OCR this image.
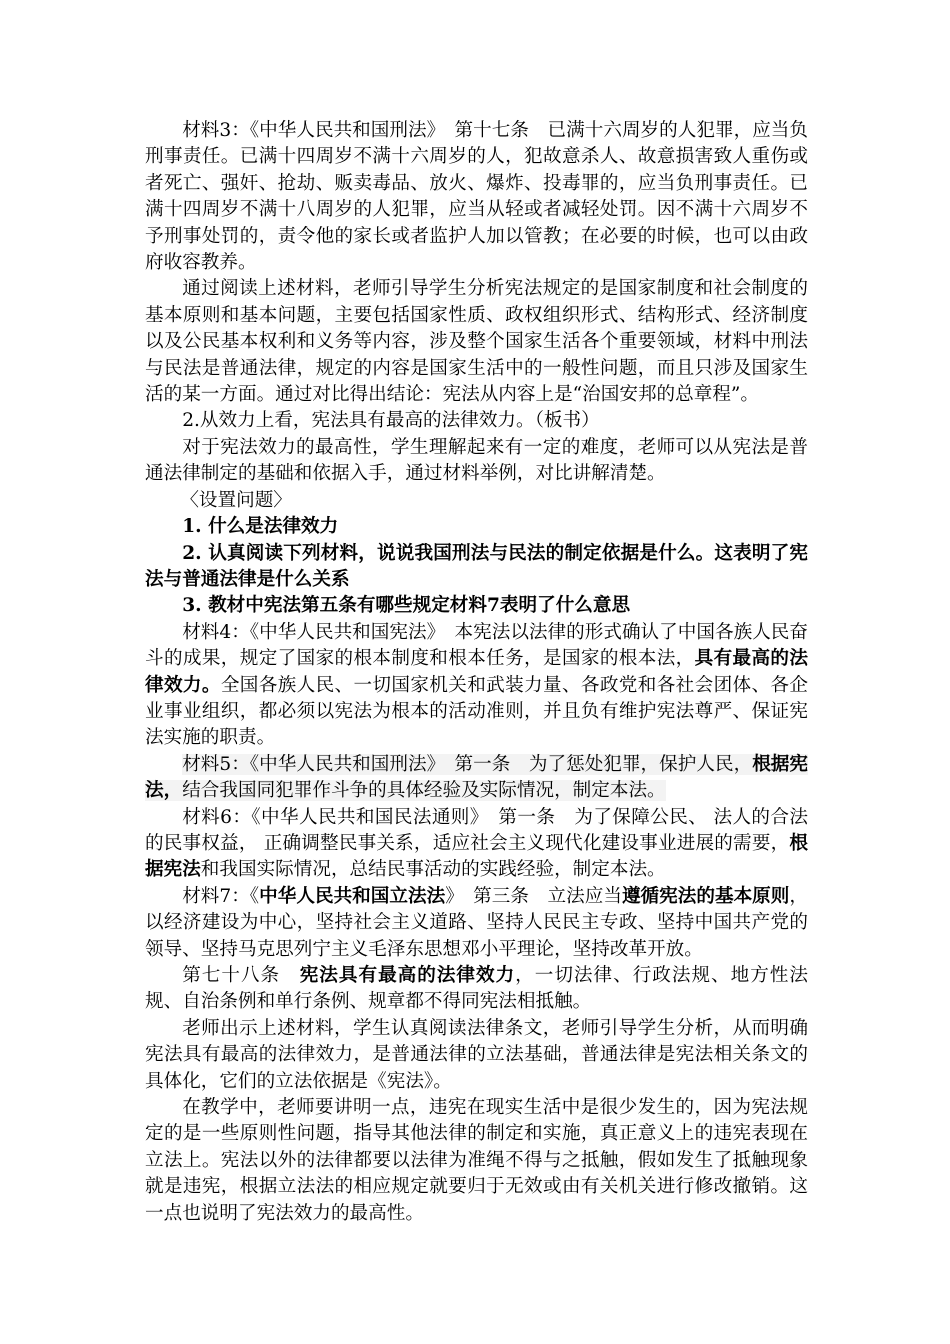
材料3：《中华人民共和国刑法》　第十七条　已满十六周岁的人犯罪，应当负刑事责任。已满十四周岁不满十六周岁的人，犯故意杀人、故意损害致人重伤或者死亡、强奸、抢劫、贩卖毒品、放火、爆炸、投毒罪的，应当负刑事责任。已满十四周岁不满十八周岁的人犯罪，应当从轻或者减轻处罚。因不满十六周岁不予刑事处罚的，责令他的家长或者监护人加以管教；在必要的时候，也可以由政府收容教养。

通过阅读上述材料，老师引导学生分析宪法规定的是国家制度和社会制度的基本原则和基本问题，主要包括国家性质、政权组织形式、结构形式、经济制度以及公民基本权利和义务等内容，涉及整个国家生活各个重要领域，材料中刑法与民法是普通法律，规定的内容是国家生活中的一般性问题，而且只涉及国家生活的某一方面。通过对比得出结论：宪法从内容上是“治国安邦的总章程”。

2.从效力上看，宪法具有最高的法律效力。（板书）

对于宪法效力的最高性，学生理解起来有一定的难度，老师可以从宪法是普通法律制定的基础和依据入手，通过材料举例，对比讲解清楚。

〈设置问题〉

1. 什么是法律效力

2. 认真阅读下列材料，说说我国刑法与民法的制定依据是什么。这表明了宪法与普通法律是什么关系

3. 教材中宪法第五条有哪些规定材料7表明了什么意思

材料4：《中华人民共和国宪法》　本宪法以法律的形式确认了中国各族人民奋斗的成果，规定了国家的根本制度和根本任务，是国家的根本法，具有最高的法律效力。全国各族人民、一切国家机关和武装力量、各政党和各社会团体、各企业事业组织，都必须以宪法为根本的活动准则，并且负有维护宪法尊严、保证宪法实施的职责。

材料5：《中华人民共和国刑法》　第一条　为了惩处犯罪，保护人民，根据宪法，结合我国同犯罪作斗争的具体经验及实际情况，制定本法。

材料6：《中华人民共和国民法通则》　第一条　为了保障公民、 法人的合法的民事权益， 正确调整民事关系，适应社会主义现代化建设事业进展的需要，根据宪法和我国实际情况，总结民事活动的实践经验，制定本法。

材料7：《中华人民共和国立法法》　第三条　立法应当遵循宪法的基本原则，以经济建设为中心，坚持社会主义道路、坚持人民民主专政、坚持中国共产党的领导、坚持马克思列宁主义毛泽东思想邓小平理论，坚持改革开放。

第七十八条　宪法具有最高的法律效力，一切法律、行政法规、地方性法规、自治条例和单行条例、规章都不得同宪法相抵触。

老师出示上述材料，学生认真阅读法律条文，老师引导学生分析，从而明确宪法具有最高的法律效力，是普通法律的立法基础，普通法律是宪法相关条文的具体化，它们的立法依据是《宪法》。

在教学中，老师要讲明一点，违宪在现实生活中是很少发生的，因为宪法规定的是一些原则性问题，指导其他法律的制定和实施，真正意义上的违宪表现在立法上。宪法以外的法律都要以法律为准绳不得与之抵触，假如发生了抵触现象就是违宪，根据立法法的相应规定就要归于无效或由有关机关进行修改撤销。这一点也说明了宪法效力的最高性。
